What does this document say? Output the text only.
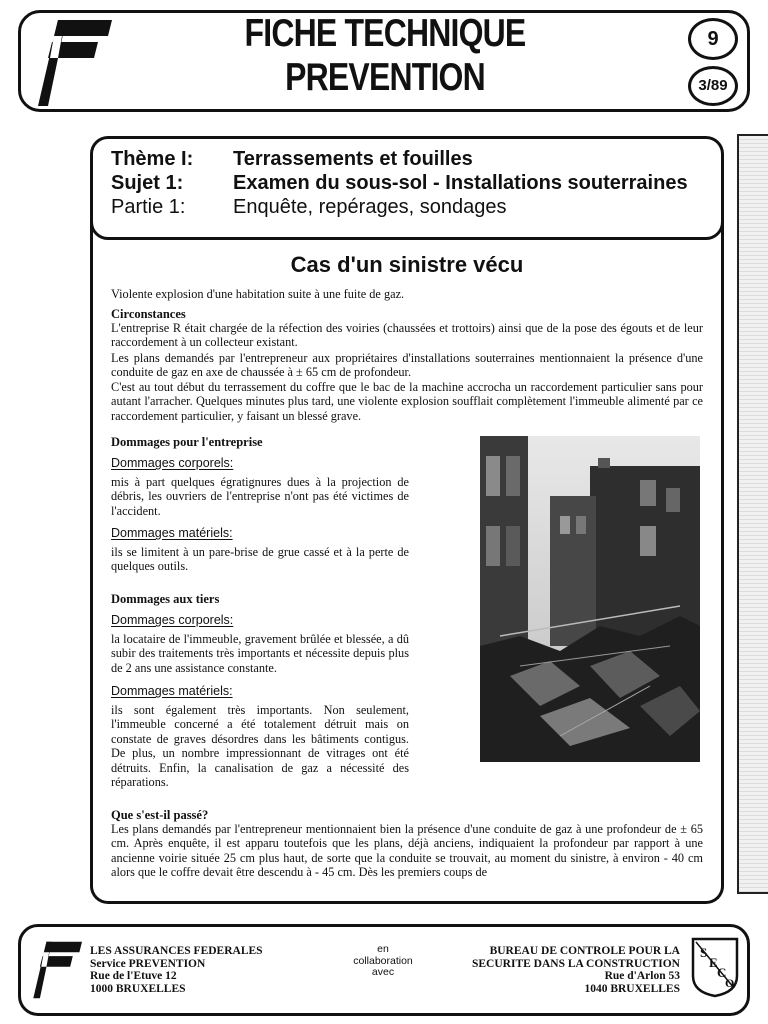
FICHE TECHNIQUE
PREVENTION
9
3/89
Thème I: Terrassements et fouilles
Sujet 1: Examen du sous-sol - Installations souterraines
Partie 1: Enquête, repérages, sondages
Cas d'un sinistre vécu
Violente explosion d'une habitation suite à une fuite de gaz.
Circonstances
L'entreprise R était chargée de la réfection des voiries (chaussées et trottoirs) ainsi que de la pose des égouts et de leur raccordement à un collecteur existant.
Les plans demandés par l'entrepreneur aux propriétaires d'installations souterraines mentionnaient la présence d'une conduite de gaz en axe de chaussée à ± 65 cm de profondeur.
C'est au tout début du terrassement du coffre que le bac de la machine accrocha un raccordement particulier sans pour autant l'arracher. Quelques minutes plus tard, une violente explosion soufflait complètement l'immeuble alimenté par ce raccordement particulier, y faisant un blessé grave.
Dommages pour l'entreprise
Dommages corporels:
mis à part quelques égratignures dues à la projection de débris, les ouvriers de l'entreprise n'ont pas été victimes de l'accident.
Dommages matériels:
ils se limitent à un pare-brise de grue cassé et à la perte de quelques outils.
Dommages aux tiers
Dommages corporels:
la locataire de l'immeuble, gravement brûlée et blessée, a dû subir des traitements très importants et nécessite depuis plus de 2 ans une assistance constante.
Dommages matériels:
ils sont également très importants. Non seulement, l'immeuble concerné a été totalement détruit mais on constate de graves désordres dans les bâtiments contigus. De plus, un nombre impressionnant de vitrages ont été détruits. Enfin, la canalisation de gaz a nécessité des réparations.
Que s'est-il passé?
Les plans demandés par l'entrepreneur mentionnaient bien la présence d'une conduite de gaz à une profondeur de ± 65 cm. Après enquête, il est apparu toutefois que les plans, déjà anciens, indiquaient la profondeur par rapport à une ancienne voirie située 25 cm plus haut, de sorte que la conduite se trouvait, au moment du sinistre, à environ - 40 cm alors que le coffre devait être descendu à - 45 cm. Dès les premiers coups de
LES ASSURANCES FEDERALES
Service PREVENTION
Rue de l'Etuve 12
1000 BRUXELLES
en
collaboration
avec
BUREAU DE CONTROLE POUR LA
SECURITE DANS LA CONSTRUCTION
Rue d'Arlon 53
1040 BRUXELLES
S
E
C
O
